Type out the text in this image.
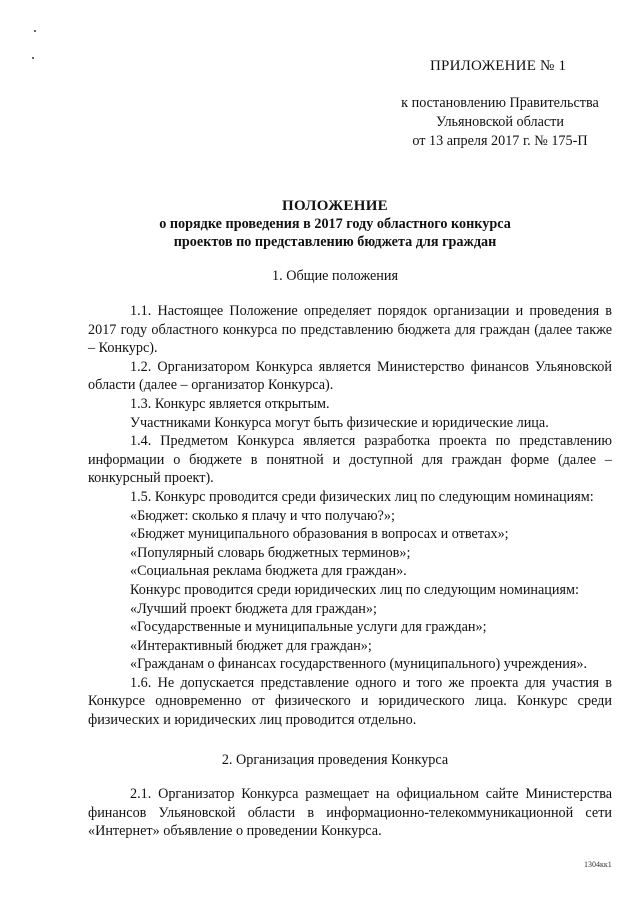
ПРИЛОЖЕНИЕ № 1
к постановлению Правительства
Ульяновской области
от 13 апреля 2017 г. № 175-П
ПОЛОЖЕНИЕ
о порядке проведения в 2017 году областного конкурса
проектов по представлению бюджета для граждан
1. Общие положения

1.1. Настоящее Положение определяет порядок организации и проведения в 2017 году областного конкурса по представлению бюджета для граждан (далее также – Конкурс).

1.2. Организатором Конкурса является Министерство финансов Ульяновской области (далее – организатор Конкурса).

1.3. Конкурс является открытым.

Участниками Конкурса могут быть физические и юридические лица.

1.4. Предметом Конкурса является разработка проекта по представлению информации о бюджете в понятной и доступной для граждан форме (далее – конкурсный проект).

1.5. Конкурс проводится среди физических лиц по следующим номинациям:

«Бюджет: сколько я плачу и что получаю?»;

«Бюджет муниципального образования в вопросах и ответах»;

«Популярный словарь бюджетных терминов»;

«Социальная реклама бюджета для граждан».

Конкурс проводится среди юридических лиц по следующим номинациям:

«Лучший проект бюджета для граждан»;

«Государственные и муниципальные услуги для граждан»;

«Интерактивный бюджет для граждан»;

«Гражданам о финансах государственного (муниципального) учреждения».

1.6. Не допускается представление одного и того же проекта для участия в Конкурсе одновременно от физического и юридического лица. Конкурс среди физических и юридических лиц проводится отдельно.

2. Организация проведения Конкурса

2.1. Организатор Конкурса размещает на официальном сайте Министерства финансов Ульяновской области в информационно-телекоммуникационной сети «Интернет» объявление о проведении Конкурса.

1304кк1
